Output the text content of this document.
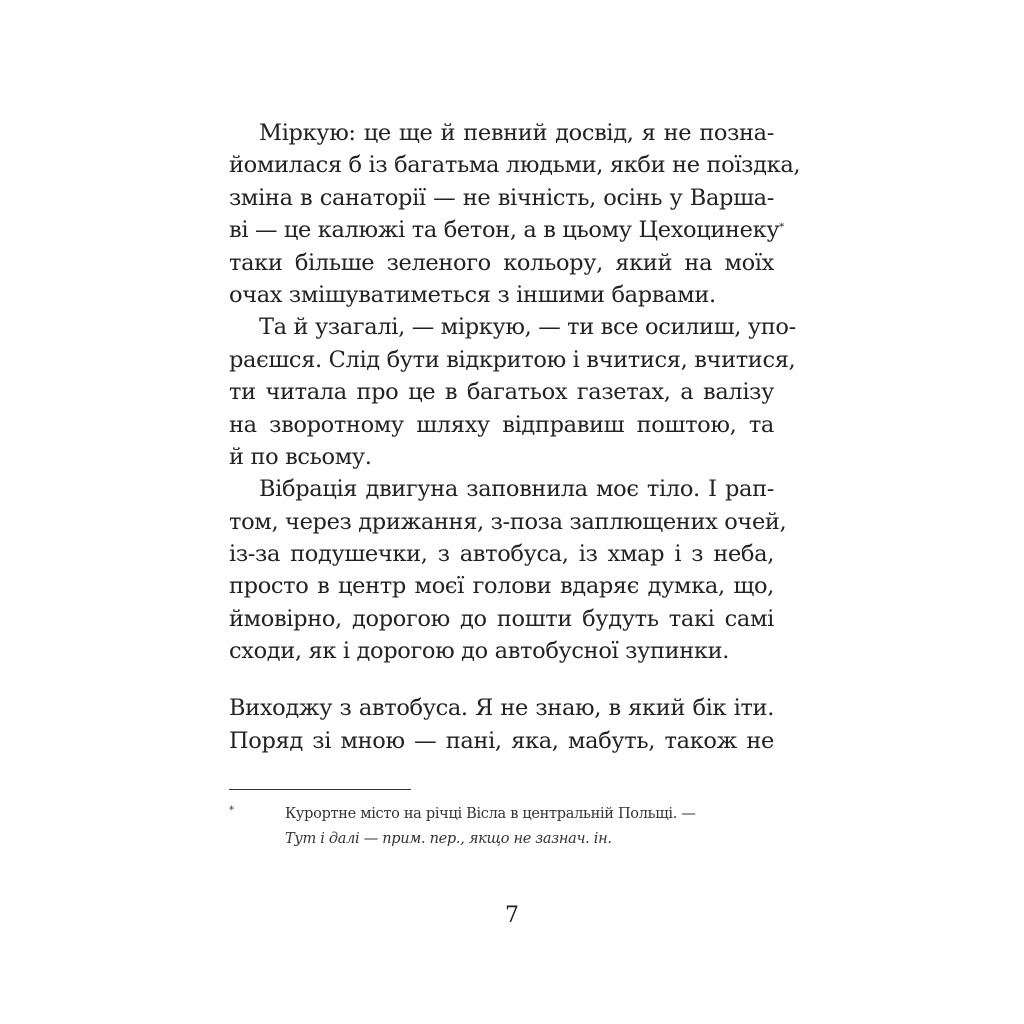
Міркую: це ще й певний досвід, я не позна-
йомилася б із багатьма людьми, якби не поїздка,
зміна в санаторії — не вічність, осінь у Варша-
ві — це калюжі та бетон, а в цьому Цехоцинеку*
таки більше зеленого кольору, який на моїх
очах змішуватиметься з іншими барвами.
Та й узагалі, — міркую, — ти все осилиш, упо-
раєшся. Слід бути відкритою і вчитися, вчитися,
ти читала про це в багатьох газетах, а валізу
на зворотному шляху відправиш поштою, та
й по всьому.
Вібрація двигуна заповнила моє тіло. І рап-
том, через дрижання, з-поза заплющених очей,
із-за подушечки, з автобуса, із хмар і з неба,
просто в центр моєї голови вдаряє думка, що,
ймовірно, дорогою до пошти будуть такі самі
сходи, як і дорогою до автобусної зупинки.
Виходжу з автобуса. Я не знаю, в який бік іти.
Поряд зі мною — пані, яка, мабуть, також не
*	Курортне місто на річці Вісла в центральній Польщі. —
Тут і далі — прим. пер., якщо не зазнач. ін.
7
